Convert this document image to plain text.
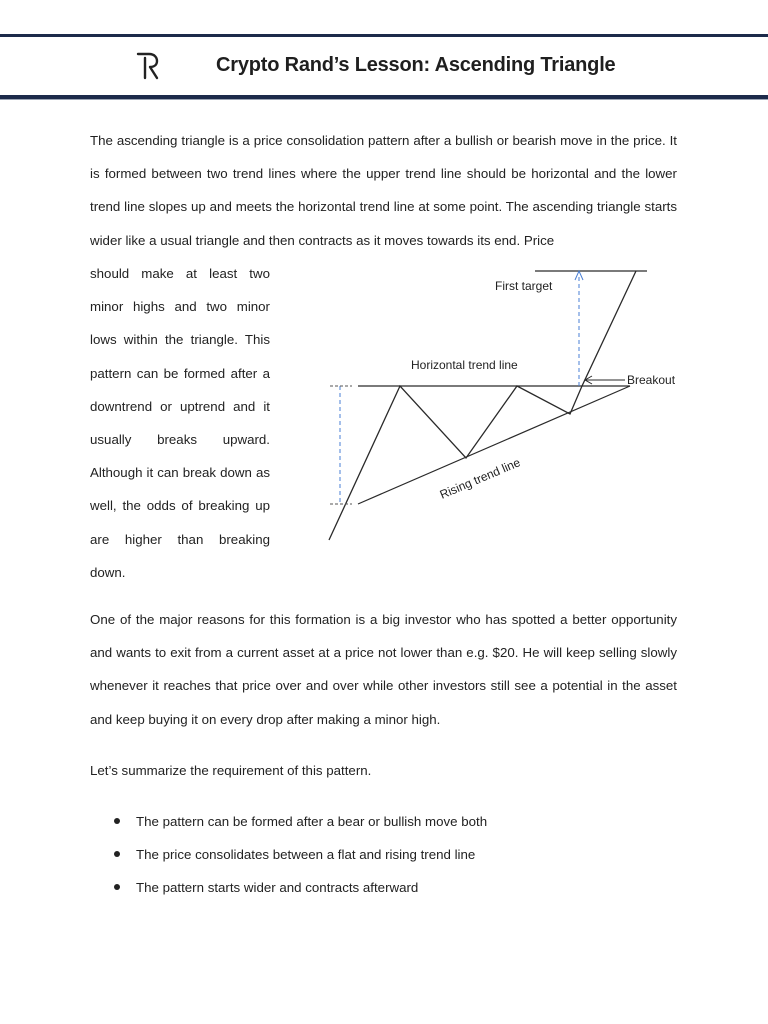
Crypto Rand’s Lesson: Ascending Triangle

The ascending triangle is a price consolidation pattern after a bullish or bearish move in the price. It is formed between two trend lines where the upper trend line should be horizontal and the lower trend line slopes up and meets the horizontal trend line at some point. The ascending triangle starts wider like a usual triangle and then contracts as it moves towards its end. Price

should make at least two minor highs and two minor lows within the triangle. This pattern can be formed after a downtrend or uptrend and it usually breaks upward. Although it can break down as well, the odds of breaking up are higher than breaking down.

First target
Horizontal trend line
Breakout
Rising trend line

One of the major reasons for this formation is a big investor who has spotted a better opportunity and wants to exit from a current asset at a price not lower than e.g. $20. He will keep selling slowly whenever it reaches that price over and over while other investors still see a potential in the asset and keep buying it on every drop after making a minor high.

Let’s summarize the requirement of this pattern.

The pattern can be formed after a bear or bullish move both
The price consolidates between a flat and rising trend line
The pattern starts wider and contracts afterward
